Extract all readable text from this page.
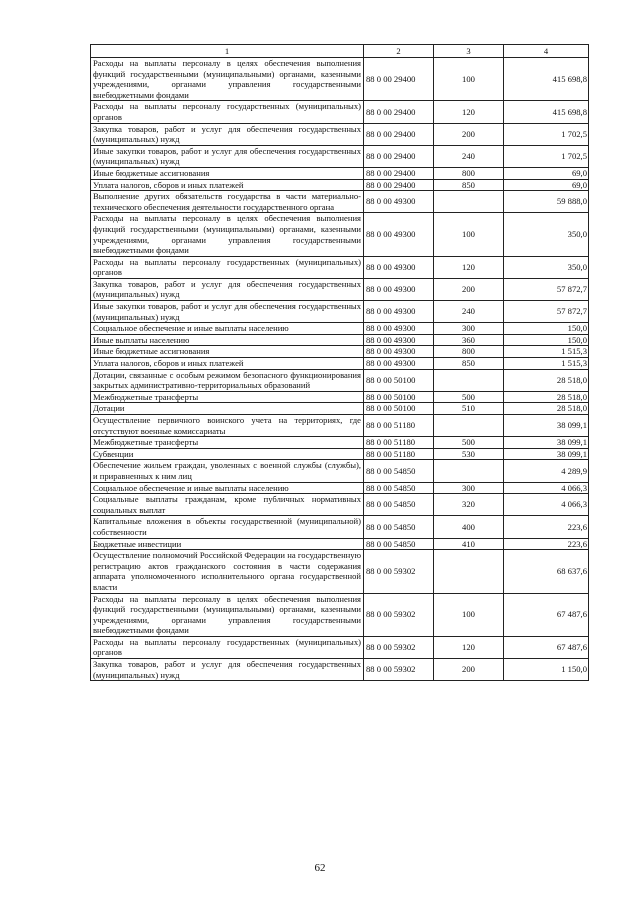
1	2	3	4
Расходы на выплаты персоналу в целях обеспечения выполнения функций государственными (муниципальными) органами, казенными учреждениями, органами управления государственными внебюджетными фондами	88 0 00 29400	100	415 698,8
Расходы на выплаты персоналу государственных (муниципальных) органов	88 0 00 29400	120	415 698,8
Закупка товаров, работ и услуг для обеспечения государственных (муниципальных) нужд	88 0 00 29400	200	1 702,5
Иные закупки товаров, работ и услуг для обеспечения государственных (муниципальных) нужд	88 0 00 29400	240	1 702,5
Иные бюджетные ассигнования	88 0 00 29400	800	69,0
Уплата налогов, сборов и иных платежей	88 0 00 29400	850	69,0
Выполнение других обязательств государства в части материально-технического обеспечения деятельности государственного органа	88 0 00 49300		59 888,0
Расходы на выплаты персоналу в целях обеспечения выполнения функций государственными (муниципальными) органами, казенными учреждениями, органами управления государственными внебюджетными фондами	88 0 00 49300	100	350,0
Расходы на выплаты персоналу государственных (муниципальных) органов	88 0 00 49300	120	350,0
Закупка товаров, работ и услуг для обеспечения государственных (муниципальных) нужд	88 0 00 49300	200	57 872,7
Иные закупки товаров, работ и услуг для обеспечения государственных (муниципальных) нужд	88 0 00 49300	240	57 872,7
Социальное обеспечение и иные выплаты населению	88 0 00 49300	300	150,0
Иные выплаты населению	88 0 00 49300	360	150,0
Иные бюджетные ассигнования	88 0 00 49300	800	1 515,3
Уплата налогов, сборов и иных платежей	88 0 00 49300	850	1 515,3
Дотации, связанные с особым режимом безопасного функционирования закрытых административно-территориальных образований	88 0 00 50100		28 518,0
Межбюджетные трансферты	88 0 00 50100	500	28 518,0
Дотации	88 0 00 50100	510	28 518,0
Осуществление первичного воинского учета на территориях, где отсутствуют военные комиссариаты	88 0 00 51180		38 099,1
Межбюджетные трансферты	88 0 00 51180	500	38 099,1
Субвенции	88 0 00 51180	530	38 099,1
Обеспечение жильем граждан, уволенных с военной службы (службы), и приравненных к ним лиц	88 0 00 54850		4 289,9
Социальное обеспечение и иные выплаты населению	88 0 00 54850	300	4 066,3
Социальные выплаты гражданам, кроме публичных нормативных социальных выплат	88 0 00 54850	320	4 066,3
Капитальные вложения в объекты государственной (муниципальной) собственности	88 0 00 54850	400	223,6
Бюджетные инвестиции	88 0 00 54850	410	223,6
Осуществление полномочий Российской Федерации на государственную регистрацию актов гражданского состояния в части содержания аппарата уполномоченного исполнительного органа государственной власти	88 0 00 59302		68 637,6
Расходы на выплаты персоналу в целях обеспечения выполнения функций государственными (муниципальными) органами, казенными учреждениями, органами управления государственными внебюджетными фондами	88 0 00 59302	100	67 487,6
Расходы на выплаты персоналу государственных (муниципальных) органов	88 0 00 59302	120	67 487,6
Закупка товаров, работ и услуг для обеспечения государственных (муниципальных) нужд	88 0 00 59302	200	1 150,0
62
